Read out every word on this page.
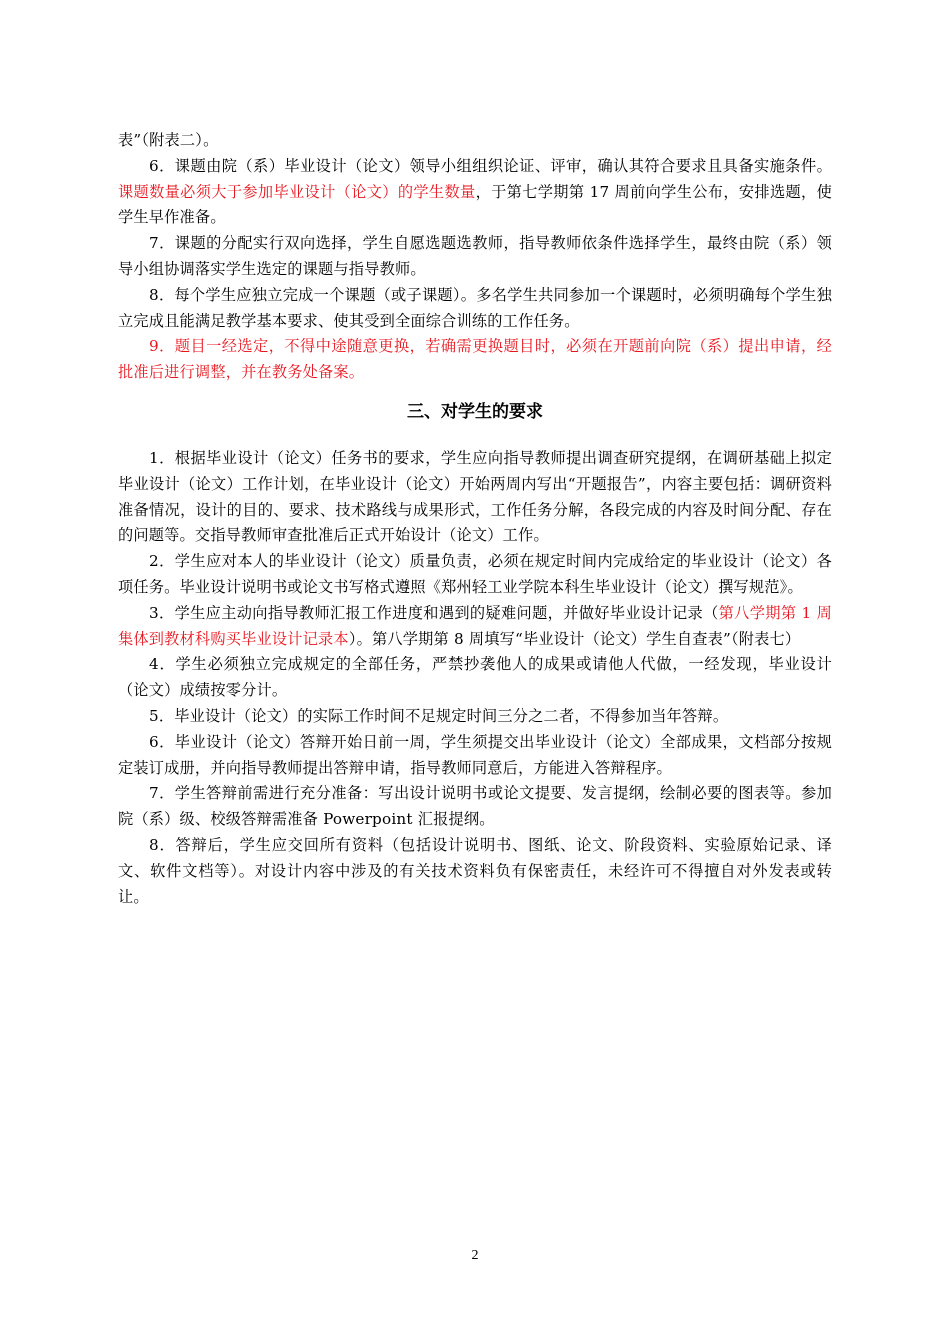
表”（附表二）。

6．课题由院（系）毕业设计（论文）领导小组组织论证、评审，确认其符合要求且具备实施条件。课题数量必须大于参加毕业设计（论文）的学生数量，于第七学期第 17 周前向学生公布，安排选题，使学生早作准备。

7．课题的分配实行双向选择，学生自愿选题选教师，指导教师依条件选择学生，最终由院（系）领导小组协调落实学生选定的课题与指导教师。

8．每个学生应独立完成一个课题（或子课题）。多名学生共同参加一个课题时，必须明确每个学生独立完成且能满足教学基本要求、使其受到全面综合训练的工作任务。

9．题目一经选定，不得中途随意更换，若确需更换题目时，必须在开题前向院（系）提出申请，经批准后进行调整，并在教务处备案。

三、对学生的要求

1．根据毕业设计（论文）任务书的要求，学生应向指导教师提出调查研究提纲，在调研基础上拟定毕业设计（论文）工作计划，在毕业设计（论文）开始两周内写出“开题报告”，内容主要包括：调研资料准备情况，设计的目的、要求、技术路线与成果形式，工作任务分解，各段完成的内容及时间分配、存在的问题等。交指导教师审查批准后正式开始设计（论文）工作。

2．学生应对本人的毕业设计（论文）质量负责，必须在规定时间内完成给定的毕业设计（论文）各项任务。毕业设计说明书或论文书写格式遵照《郑州轻工业学院本科生毕业设计（论文）撰写规范》。

3．学生应主动向指导教师汇报工作进度和遇到的疑难问题，并做好毕业设计记录（第八学期第 1 周集体到教材科购买毕业设计记录本）。第八学期第 8 周填写“毕业设计（论文）学生自查表”（附表七）

4．学生必须独立完成规定的全部任务，严禁抄袭他人的成果或请他人代做，一经发现，毕业设计（论文）成绩按零分计。

5．毕业设计（论文）的实际工作时间不足规定时间三分之二者，不得参加当年答辩。

6．毕业设计（论文）答辩开始日前一周，学生须提交出毕业设计（论文）全部成果，文档部分按规定装订成册，并向指导教师提出答辩申请，指导教师同意后，方能进入答辩程序。

7．学生答辩前需进行充分准备：写出设计说明书或论文提要、发言提纲，绘制必要的图表等。参加院（系）级、校级答辩需准备 Powerpoint 汇报提纲。

8．答辩后，学生应交回所有资料（包括设计说明书、图纸、论文、阶段资料、实验原始记录、译文、软件文档等）。对设计内容中涉及的有关技术资料负有保密责任，未经许可不得擅自对外发表或转让。

2
